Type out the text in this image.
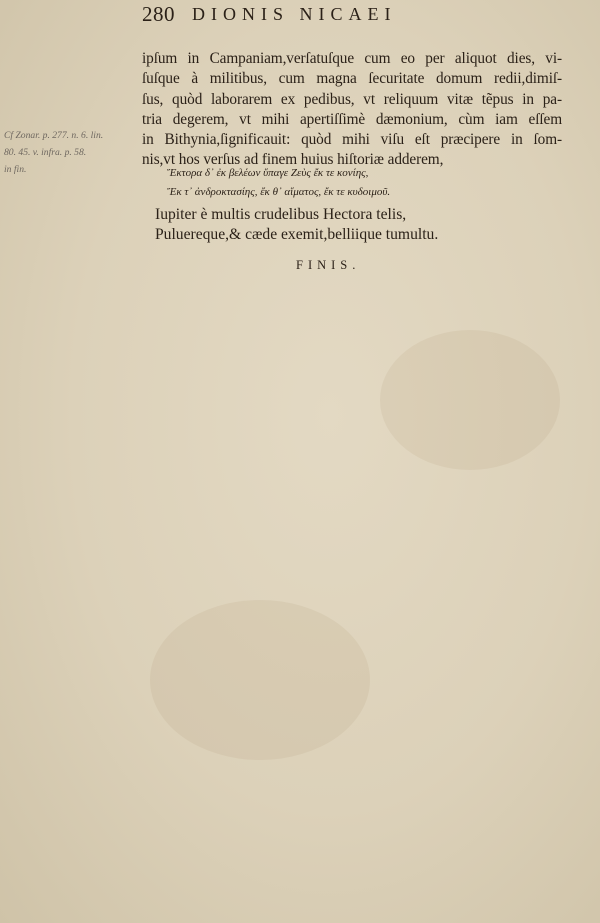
280 DIONIS NICAEI
Cf Zonar. p. 277. n. 6. lin.
80. 45. v. infra. p. 58.
in fin.
ipſum in Campaniam,verſatuſque cum eo per aliquot dies, vi-
ſuſque à militibus, cum magna ſecuritate domum redii,dimiſ-
ſus, quòd laborarem ex pedibus, vt reliquum vitæ tẽpus in pa-
tria degerem, vt mihi apertiſſimè dæmonium, cùm iam eſſem
in Bithynia,ſignificauit: quòd mihi viſu eſt præcipere in ſom-
nis,vt hos verſus ad finem huius hiſtoriæ adderem,
Ἕκτορα δ᾽ ἐκ βελέων ὕπαγε Ζεὺς ἔκ τε κονίης,
Ἔκ τ᾽ ἀνδροκτασίης, ἔκ θ᾽ αἵματος, ἔκ τε κυδοιμοῦ.
Iupiter è multis crudelibus Hectora telis,
Puluereque,& cæde exemit,belliique tumultu.
FINIS.
